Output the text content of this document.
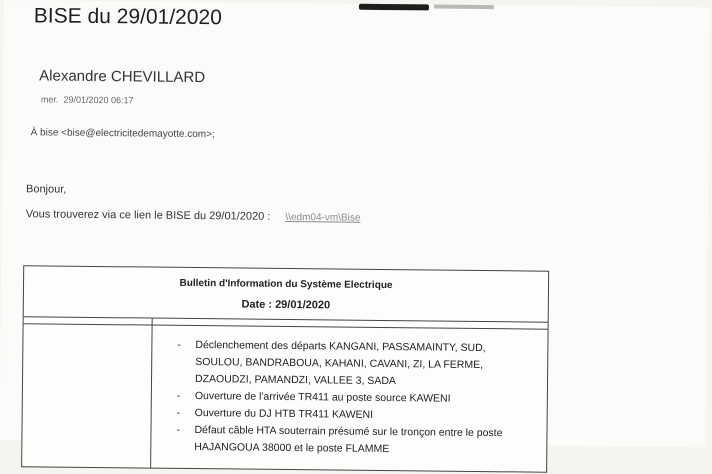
BISE du 29/01/2020
Alexandre CHEVILLARD
mer. 29/01/2020 06:17
À bise <bise@electricitedemayotte.com>;
Bonjour,
Vous trouverez via ce lien le BISE du 29/01/2020 : \\edm04-vm\Bise
Bulletin d'Information du Système Electrique
Date : 29/01/2020
- Déclenchement des départs KANGANI, PASSAMAINTY, SUD, SOULOU, BANDRABOUA, KAHANI, CAVANI, ZI, LA FERME, DZAOUDZI, PAMANDZI, VALLEE 3, SADA
- Ouverture de l'arrivée TR411 au poste source KAWENI
- Ouverture du DJ HTB TR411 KAWENI
- Défaut câble HTA souterrain présumé sur le tronçon entre le poste HAJANGOUA 38000 et le poste FLAMME
